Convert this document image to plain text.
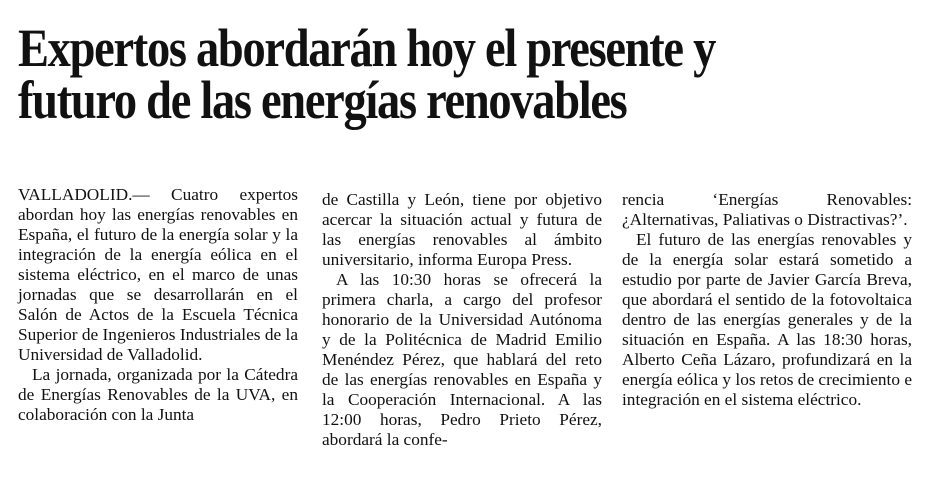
Expertos abordarán hoy el presente y
futuro de las energías renovables

VALLADOLID.— Cuatro expertos abordan hoy las energías renovables en España, el futuro de la energía solar y la integración de la energía eólica en el sistema eléctrico, en el marco de unas jornadas que se desarrollarán en el Salón de Actos de la Escuela Técnica Superior de Ingenieros Industriales de la Universidad de Valladolid.

La jornada, organizada por la Cátedra de Energías Renovables de la UVA, en colaboración con la Junta

de Castilla y León, tiene por objetivo acercar la situación actual y futura de las energías renovables al ámbito universitario, informa Europa Press.

A las 10:30 horas se ofrecerá la primera charla, a cargo del profesor honorario de la Universidad Autónoma y de la Politécnica de Madrid Emilio Menéndez Pérez, que hablará del reto de las energías renovables en España y la Cooperación Internacional. A las 12:00 horas, Pedro Prieto Pérez, abordará la confe-

rencia ‘Energías Renovables:¿Alternativas, Paliativas o Distractivas?’.

El futuro de las energías renovables y de la energía solar estará sometido a estudio por parte de Javier García Breva, que abordará el sentido de la fotovoltaica dentro de las energías generales y de la situación en España. A las 18:30 horas, Alberto Ceña Lázaro, profundizará en la energía eólica y los retos de crecimiento e integración en el sistema eléctrico.
